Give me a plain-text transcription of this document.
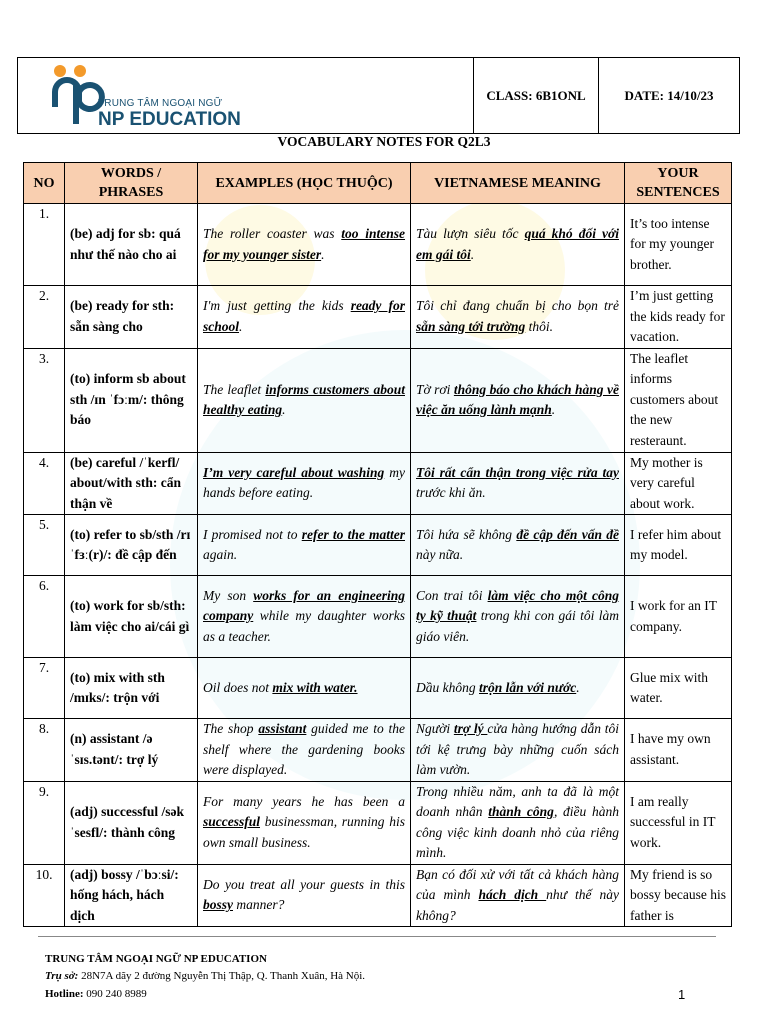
TRUNG TÂM NGOẠI NGỮ
NP EDUCATION
	CLASS: 6B1ONL	DATE: 14/10/23
VOCABULARY NOTES FOR Q2L3
NO	WORDS / PHRASES	EXAMPLES (HỌC THUỘC)	VIETNAMESE MEANING	YOUR SENTENCES
1.	(be) adj for sb: quá như thế nào cho ai	The roller coaster was too intense for my younger sister.	Tàu lượn siêu tốc quá khó đối với em gái tôi.	It’s too intense for my younger brother.
2.	(be) ready for sth: sẵn sàng cho	I'm just getting the kids ready for school.	Tôi chỉ đang chuẩn bị cho bọn trẻ sẵn sàng tới trường thôi.	I’m just getting the kids ready for vacation.
3.	(to) inform sb about sth /ɪn ˈfɔːm/: thông báo	The leaflet informs customers about healthy eating.	Tờ rơi thông báo cho khách hàng về việc ăn uống lành mạnh.	The leaflet informs customers about the new resteraunt.
4.	(be) careful /ˈkerfl/ about/with sth: cẩn thận về	I’m very careful about washing my hands before eating.	Tôi rất cẩn thận trong việc rửa tay trước khi ăn.	My mother is very careful about work.
5.	(to) refer to sb/sth /rɪˈfɜː(r)/: đề cập đến	I promised not to refer to the matter again.	Tôi hứa sẽ không đề cập đến vấn đề này nữa.	I refer him about my model.
6.	(to) work for sb/sth: làm việc cho ai/cái gì	My son works for an engineering company while my daughter works as a teacher.	Con trai tôi làm việc cho một công ty kỹ thuật trong khi con gái tôi làm giáo viên.	I work for an IT company.
7.	(to) mix with sth /mɪks/: trộn với	Oil does not mix with water.	Dầu không trộn lẫn với nước.	Glue mix with water.
8.	(n) assistant /əˈsɪs.tənt/: trợ lý	The shop assistant guided me to the shelf where the gardening books were displayed.	Người trợ lý cửa hàng hướng dẫn tôi tới kệ trưng bày những cuốn sách làm vườn.	I have my own assistant.
9.	(adj) successful /səkˈsesfl/: thành công	For many years he has been a successful businessman, running his own small business.	Trong nhiều năm, anh ta đã là một doanh nhân thành công, điều hành công việc kinh doanh nhỏ của riêng mình.	I am really successful in IT work.
10.	(adj) bossy /ˈbɔːsi/: hống hách, hách dịch	Do you treat all your guests in this bossy manner?	Bạn có đối xử với tất cả khách hàng của mình hách dịch như thế này không?	My friend is so bossy because his father is
TRUNG TÂM NGOẠI NGỮ NP EDUCATION
Trụ sở: 28N7A dãy 2 đường Nguyễn Thị Thập, Q. Thanh Xuân, Hà Nội.
Hotline: 090 240 8989	1
